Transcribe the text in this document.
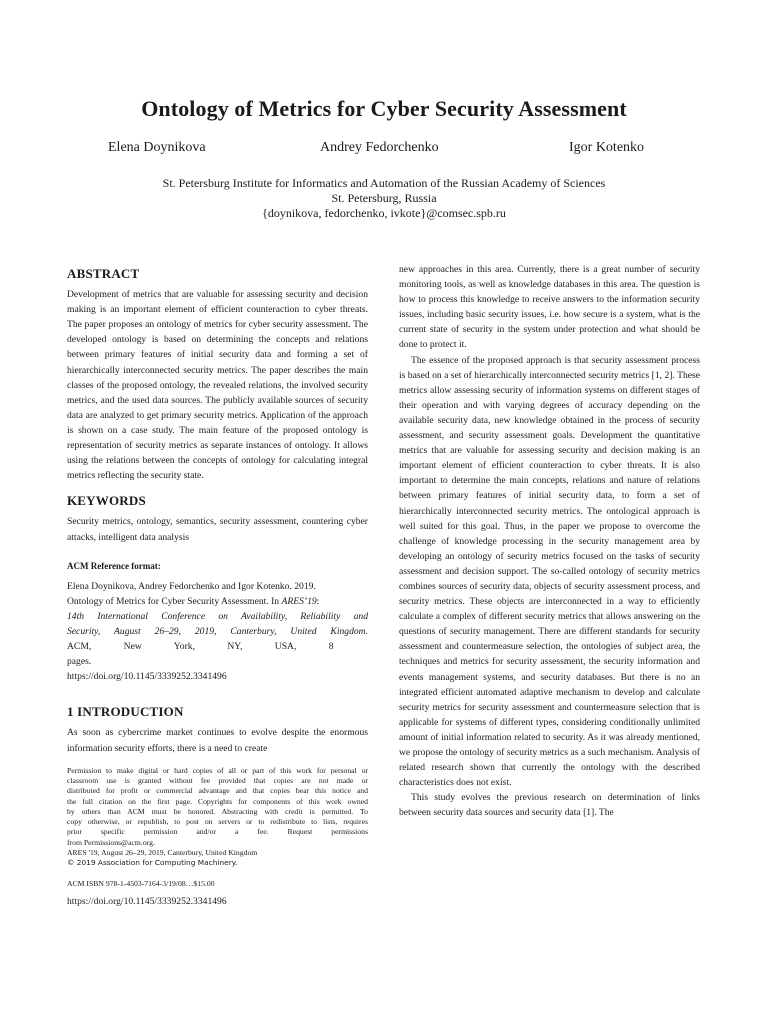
Ontology of Metrics for Cyber Security Assessment
Elena Doynikova	Andrey Fedorchenko	Igor Kotenko
St. Petersburg Institute for Informatics and Automation of the Russian Academy of Sciences
St. Petersburg, Russia
{doynikova, fedorchenko, ivkote}@comsec.spb.ru
ABSTRACT

Development of metrics that are valuable for assessing security and decision making is an important element of efficient counteraction to cyber threats. The paper proposes an ontology of metrics for cyber security assessment. The developed ontology is based on determining the concepts and relations between primary features of initial security data and forming a set of hierarchically interconnected security metrics. The paper describes the main classes of the proposed ontology, the revealed relations, the involved security metrics, and the used data sources. The publicly available sources of security data are analyzed to get primary security metrics. Application of the approach is shown on a case study. The main feature of the proposed ontology is representation of security metrics as separate instances of ontology. It allows using the relations between the concepts of ontology for calculating integral metrics reflecting the security state.

KEYWORDS

Security metrics, ontology, semantics, security assessment, countering cyber attacks, intelligent data analysis

ACM Reference format:
Elena Doynikova, Andrey Fedorchenko and Igor Kotenko. 2019.
Ontology of Metrics for Cyber Security Assessment. In ARES’19:
14th International Conference on Availability, Reliability and
Security, August 26–29, 2019, Canterbury, United Kingdom.
ACM, New York, NY, USA, 8 pages.
https://doi.org/10.1145/3339252.3341496
1 INTRODUCTION

As soon as cybercrime market continues to evolve despite the enormous information security efforts, there is a need to create

Permission to make digital or hard copies of all or part of this work for personal or
classroom use is granted without fee provided that copies are not made or
distributed for profit or commercial advantage and that copies bear this notice and
the full citation on the first page. Copyrights for components of this work owned
by others than ACM must be honored. Abstracting with credit is permitted. To
copy otherwise, or republish, to post on servers or to redistribute to lists, requires
prior specific permission and/or a fee. Request permissions
from Permissions@acm.org.
ARES '19, August 26–29, 2019, Canterbury, United Kingdom
© 2019 Association for Computing Machinery.
ACM ISBN 978-1-4503-7164-3/19/08…$15.00
https://doi.org/10.1145/3339252.3341496

new approaches in this area. Currently, there is a great number of security monitoring tools, as well as knowledge databases in this area. The question is how to process this knowledge to receive answers to the information security issues, including basic security issues, i.e. how secure is a system, what is the current state of security in the system under protection and what should be done to protect it.

The essence of the proposed approach is that security assessment process is based on a set of hierarchically interconnected security metrics [1, 2]. These metrics allow assessing security of information systems on different stages of their operation and with varying degrees of accuracy depending on the available security data, new knowledge obtained in the process of security assessment, and security assessment goals. Development the quantitative metrics that are valuable for assessing security and decision making is an important element of efficient counteraction to cyber threats. It is also important to determine the main concepts, relations and nature of relations between primary features of initial security data, to form a set of hierarchically interconnected security metrics. The ontological approach is well suited for this goal. Thus, in the paper we propose to overcome the challenge of knowledge processing in the security management area by developing an ontology of security metrics focused on the tasks of security assessment and decision support. The so-called ontology of security metrics combines sources of security data, objects of security assessment process, and security metrics. These objects are interconnected in a way to efficiently calculate a complex of different security metrics that allows answering on the questions of security management. There are different standards for security assessment and countermeasure selection, the ontologies of subject area, the techniques and metrics for security assessment, the security information and events management systems, and security databases. But there is no an integrated efficient automated adaptive mechanism to develop and calculate security metrics for security assessment and countermeasure selection that is applicable for systems of different types, considering conditionally unlimited amount of initial information related to security. As it was already mentioned, we propose the ontology of security metrics as a such mechanism. Analysis of related research shown that currently the ontology with the described characteristics does not exist.

This study evolves the previous research on determination of links between security data sources and security data [1]. The
